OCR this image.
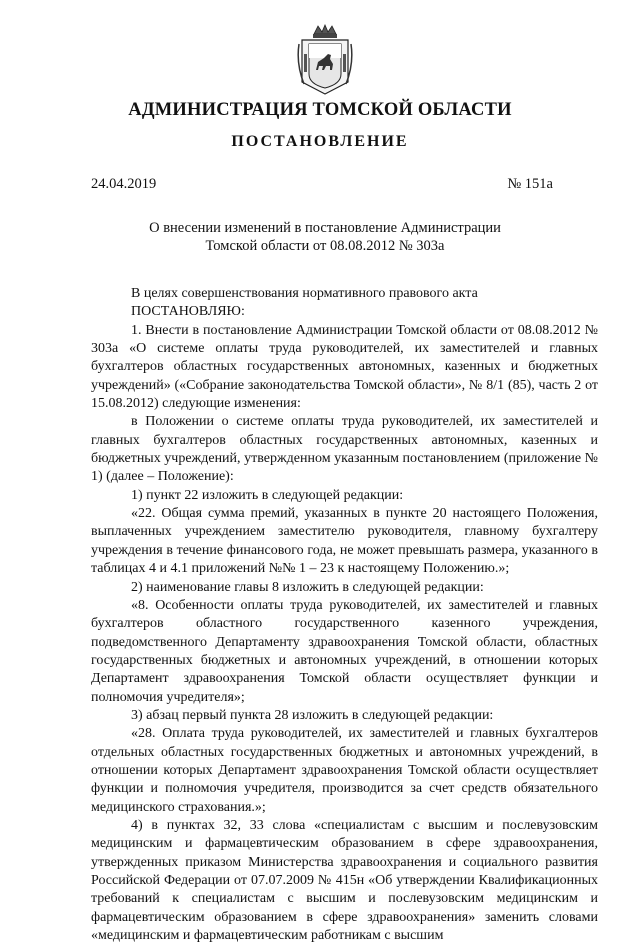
АДМИНИСТРАЦИЯ ТОМСКОЙ ОБЛАСТИ
ПОСТАНОВЛЕНИЕ
24.04.2019	№ 151а
О внесении изменений в постановление Администрации
Томской области от 08.08.2012 № 303а

В целях совершенствования нормативного правового акта

ПОСТАНОВЛЯЮ:

1. Внести в постановление Администрации Томской области от 08.08.2012 № 303а «О системе оплаты труда руководителей, их заместителей и главных бухгалтеров областных государственных автономных, казенных и бюджетных учреждений» («Собрание законодательства Томской области», № 8/1 (85), часть 2 от 15.08.2012) следующие изменения:

в Положении о системе оплаты труда руководителей, их заместителей и главных бухгалтеров областных государственных автономных, казенных и бюджетных учреждений, утвержденном указанным постановлением (приложение № 1) (далее – Положение):

1) пункт 22 изложить в следующей редакции:

«22. Общая сумма премий, указанных в пункте 20 настоящего Положения, выплаченных учреждением заместителю руководителя, главному бухгалтеру учреждения в течение финансового года, не может превышать размера, указанного в таблицах 4 и 4.1 приложений №№ 1 – 23 к настоящему Положению.»;

2) наименование главы 8 изложить в следующей редакции:

«8. Особенности оплаты труда руководителей, их заместителей и главных бухгалтеров областного государственного казенного учреждения, подведомственного Департаменту здравоохранения Томской области, областных государственных бюджетных и автономных учреждений, в отношении которых Департамент здравоохранения Томской области осуществляет функции и полномочия учредителя»;

3) абзац первый пункта 28 изложить в следующей редакции:

«28. Оплата труда руководителей, их заместителей и главных бухгалтеров отдельных областных государственных бюджетных и автономных учреждений, в отношении которых Департамент здравоохранения Томской области осуществляет функции и полномочия учредителя, производится за счет средств обязательного медицинского страхования.»;

4) в пунктах 32, 33 слова «специалистам с высшим и послевузовским медицинским и фармацевтическим образованием в сфере здравоохранения, утвержденных приказом Министерства здравоохранения и социального развития Российской Федерации от 07.07.2009 № 415н «Об утверждении Квалификационных требований к специалистам с высшим и послевузовским медицинским и фармацевтическим образованием в сфере здравоохранения» заменить словами «медицинским и фармацевтическим работникам с высшим
